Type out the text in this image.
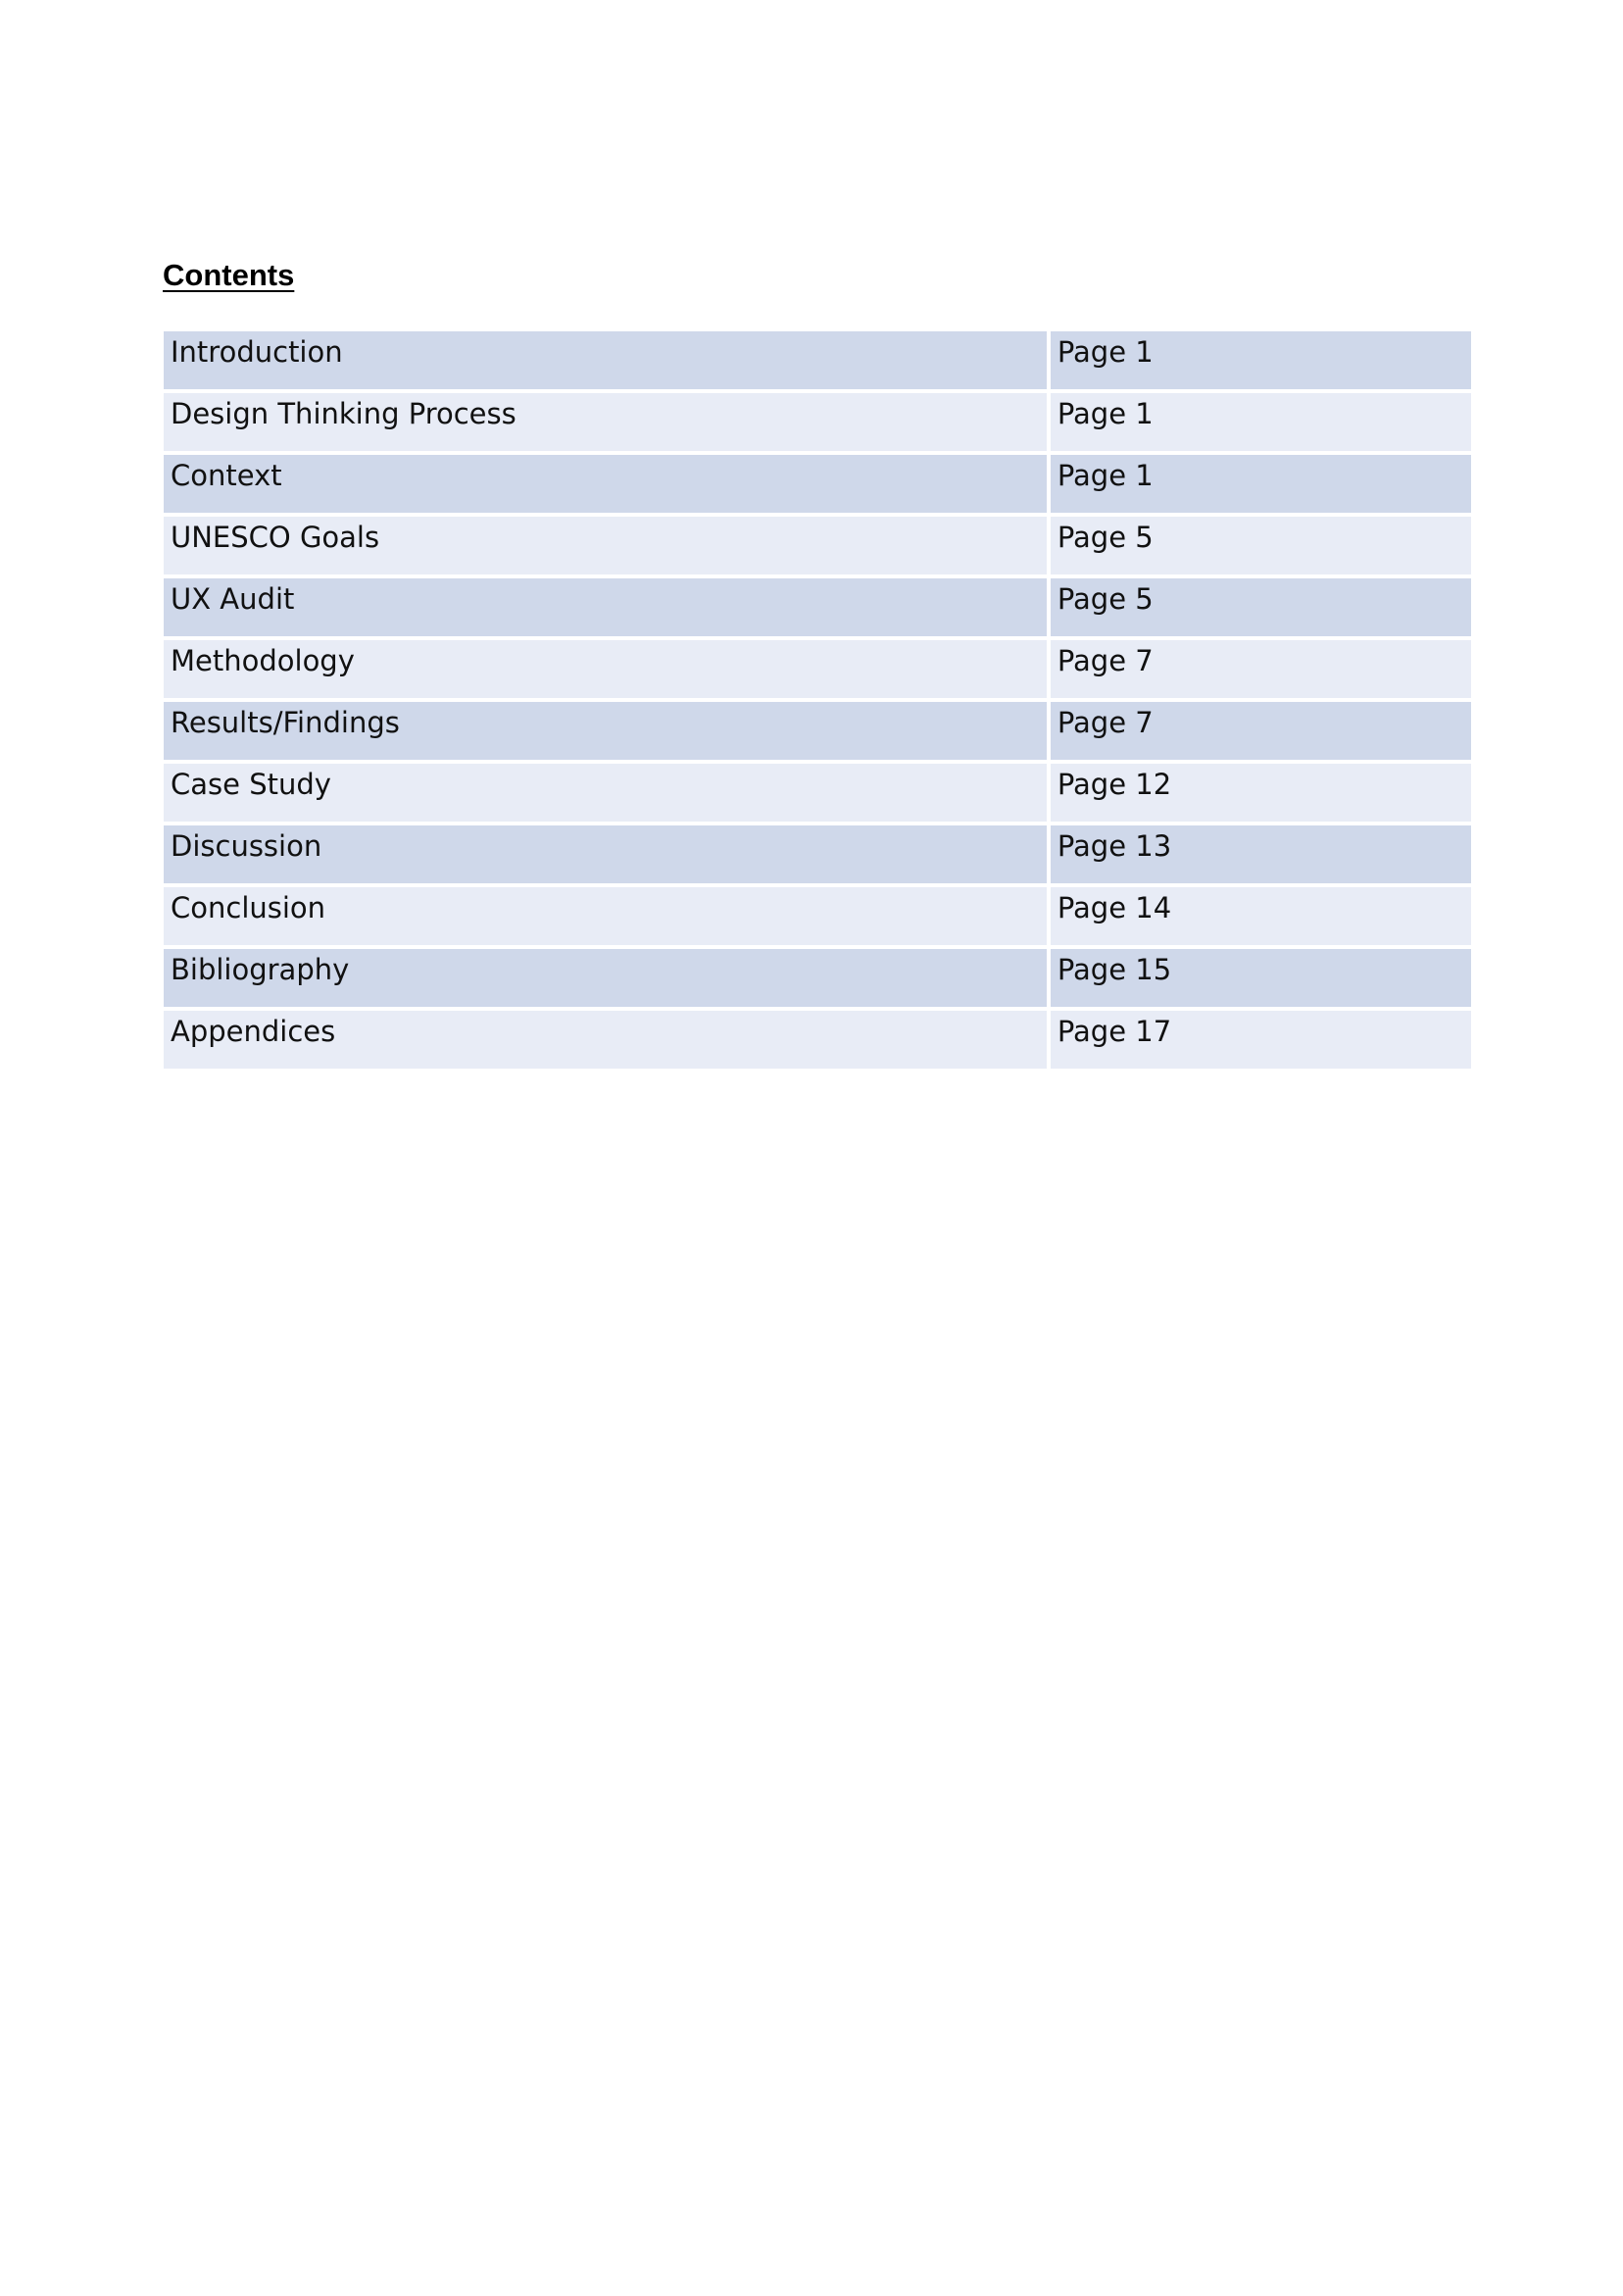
Contents
Introduction	Page 1
Design Thinking Process	Page 1
Context	Page 1
UNESCO Goals	Page 5
UX Audit	Page 5
Methodology	Page 7
Results/Findings	Page 7
Case Study	Page 12
Discussion	Page 13
Conclusion	Page 14
Bibliography	Page 15
Appendices	Page 17
